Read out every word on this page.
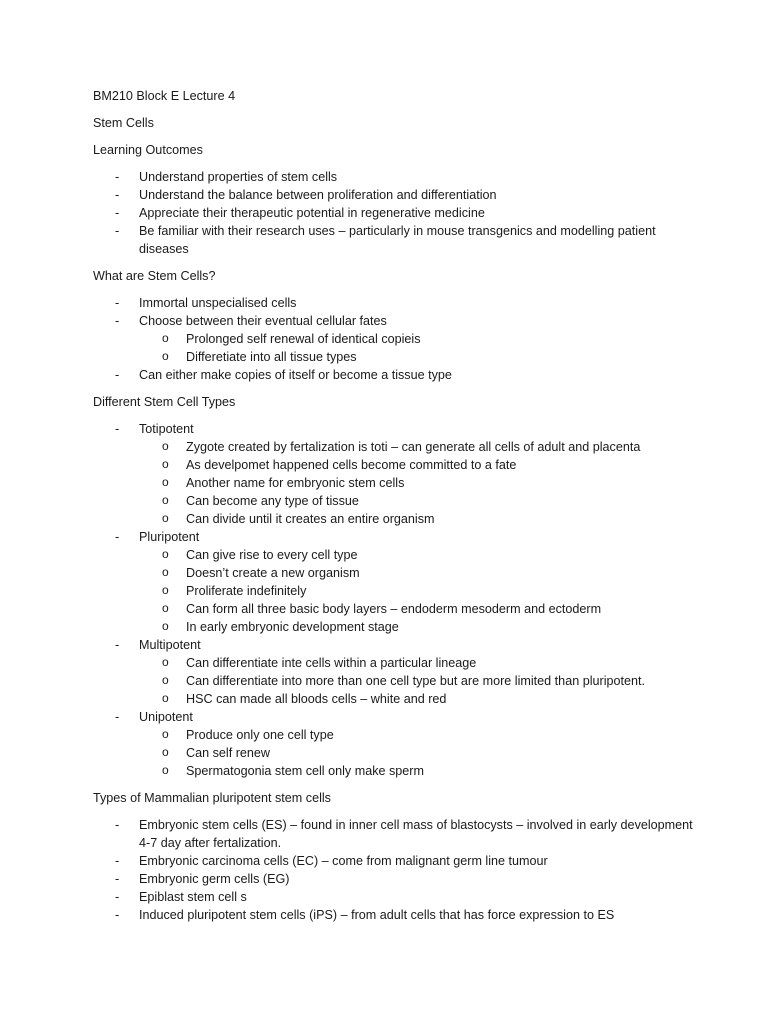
BM210 Block E Lecture 4

Stem Cells

Learning Outcomes

- Understand properties of stem cells
- Understand the balance between proliferation and differentiation
- Appreciate their therapeutic potential in regenerative medicine
- Be familiar with their research uses – particularly in mouse transgenics and modelling patient diseases

What are Stem Cells?

- Immortal unspecialised cells
- Choose between their eventual cellular fates
o Prolonged self renewal of identical copieis
o Differetiate into all tissue types
- Can either make copies of itself or become a tissue type

Different Stem Cell Types

- Totipotent
o Zygote created by fertalization is toti – can generate all cells of adult and placenta
o As develpomet happened cells become committed to a fate
o Another name for embryonic stem cells
o Can become any type of tissue
o Can divide until it creates an entire organism
- Pluripotent
o Can give rise to every cell type
o Doesn’t create a new organism
o Proliferate indefinitely
o Can form all three basic body layers – endoderm mesoderm and ectoderm
o In early embryonic development stage
- Multipotent
o Can differentiate inte cells within a particular lineage
o Can differentiate into more than one cell type but are more limited than pluripotent.
o HSC can made all bloods cells – white and red
- Unipotent
o Produce only one cell type
o Can self renew
o Spermatogonia stem cell only make sperm

Types of Mammalian pluripotent stem cells

- Embryonic stem cells (ES) – found in inner cell mass of blastocysts – involved in early development 4-7 day after fertalization.
- Embryonic carcinoma cells (EC) – come from malignant germ line tumour
- Embryonic germ cells (EG)
- Epiblast stem cell s
- Induced pluripotent stem cells (iPS) – from adult cells that has force expression to ES
